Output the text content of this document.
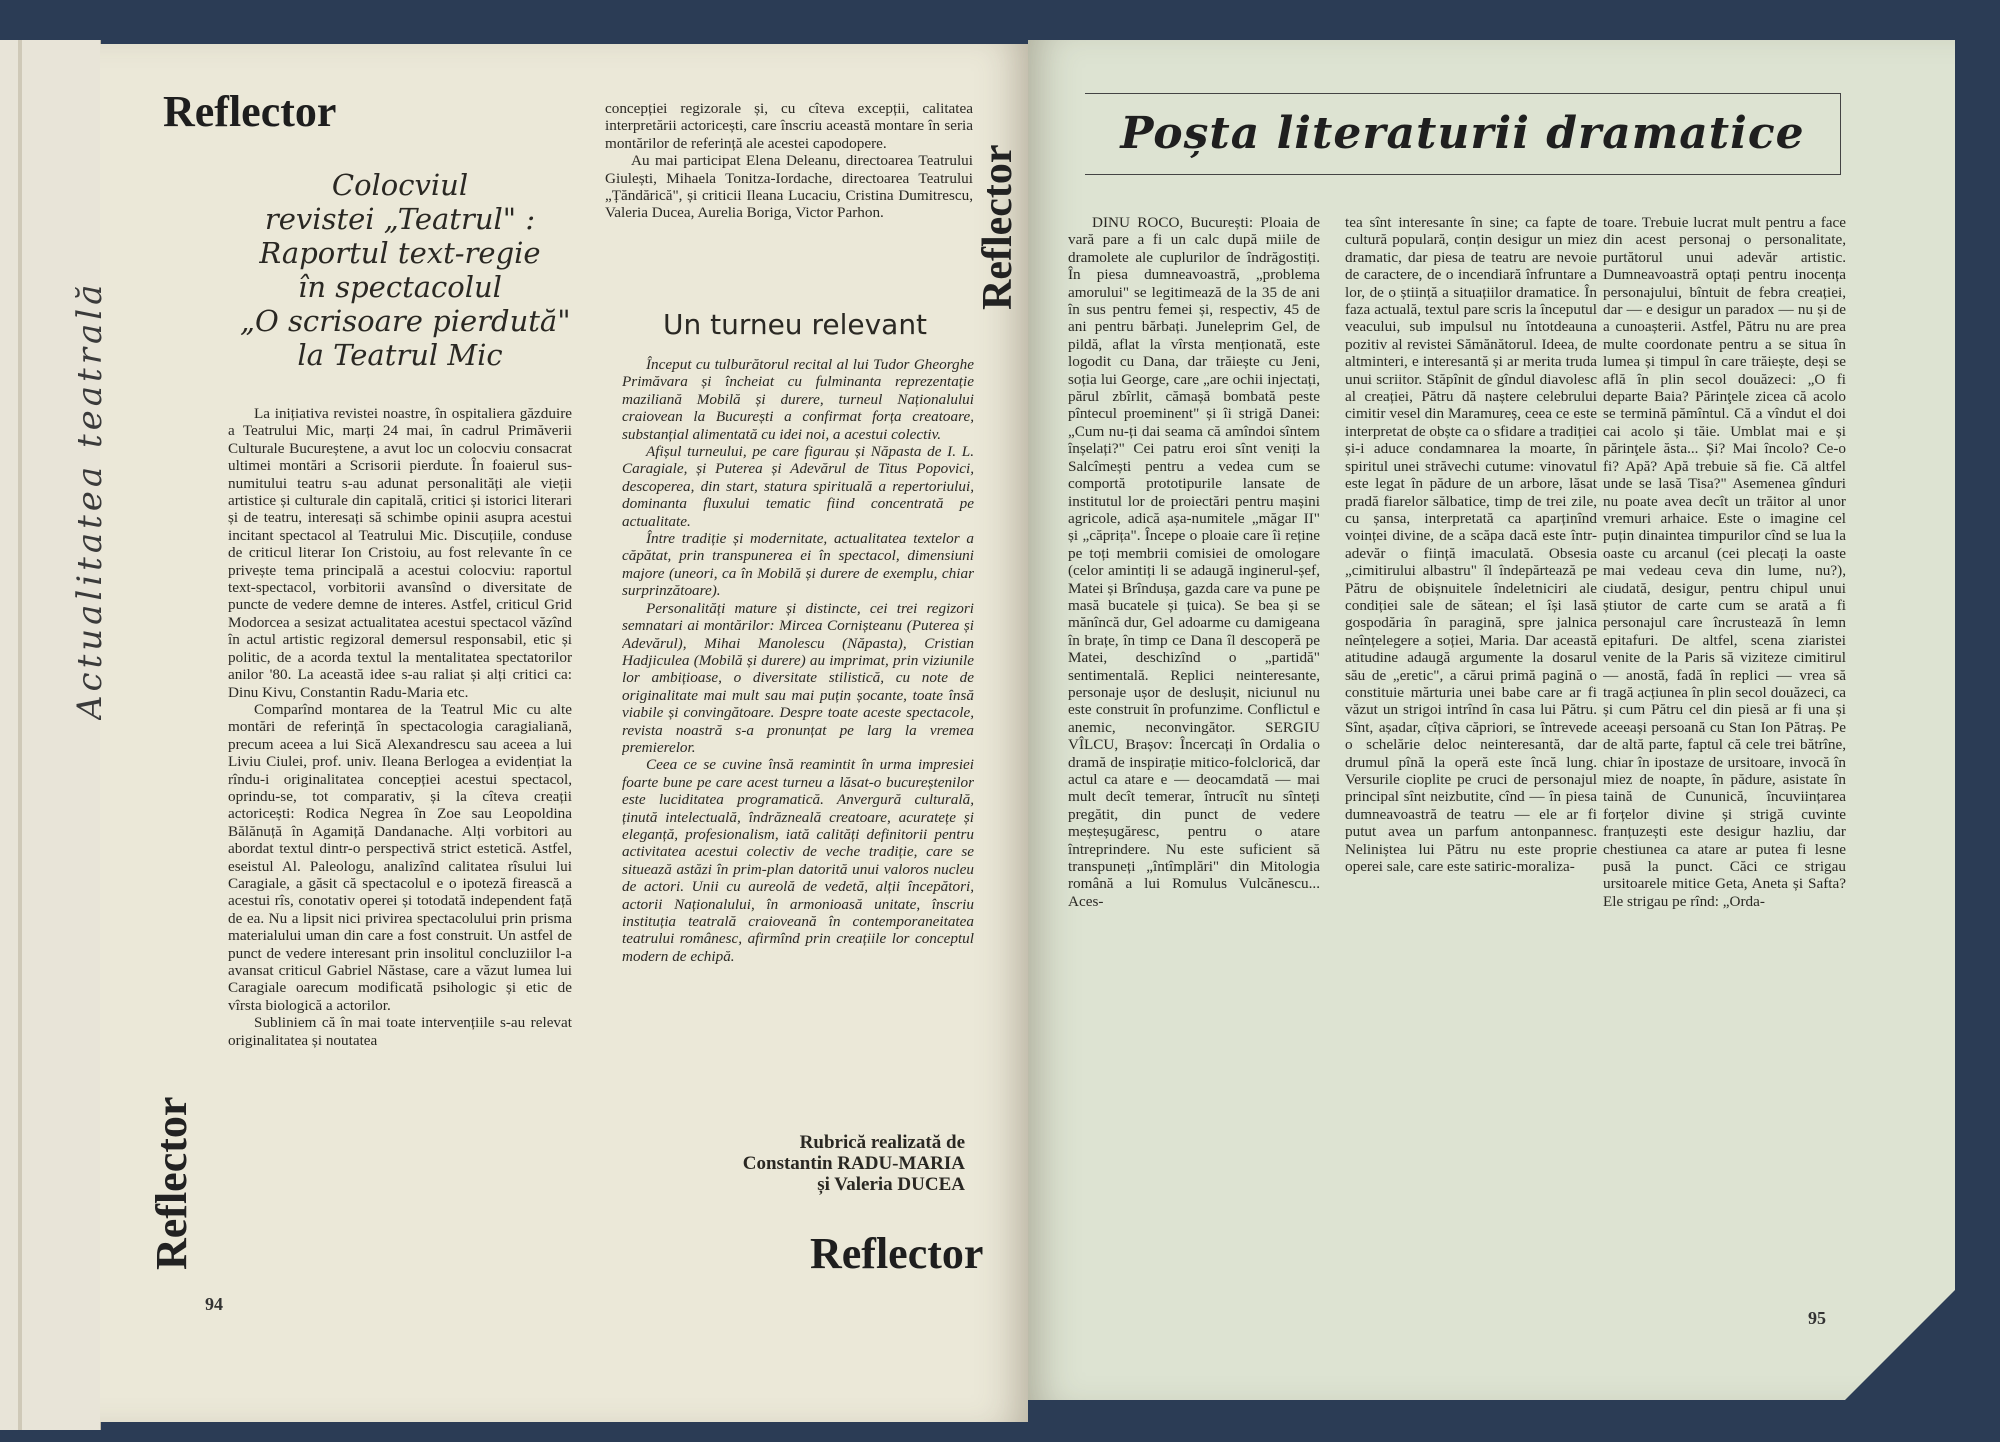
Actualitatea teatrală
Reflector
Colocviul
revistei „Teatrul" :
Raportul text-regie
în spectacolul
„O scrisoare pierdută"
la Teatrul Mic

La inițiativa revistei noastre, în ospitaliera găzduire a Teatrului Mic, marți 24 mai, în cadrul Primăverii Culturale Bucureștene, a avut loc un colocviu consacrat ultimei montări a Scrisorii pierdute. În foaierul sus-numitului teatru s-au adunat personalități ale vieții artistice și culturale din capitală, critici și istorici literari și de teatru, interesați să schimbe opinii asupra acestui incitant spectacol al Teatrului Mic. Discuțiile, conduse de criticul literar Ion Cristoiu, au fost relevante în ce privește tema principală a acestui colocviu: raportul text-spectacol, vorbitorii avansînd o diversitate de puncte de vedere demne de interes. Astfel, criticul Grid Modorcea a sesizat actualitatea acestui spectacol văzînd în actul artistic regizoral demersul responsabil, etic și politic, de a acorda textul la mentalitatea spectatorilor anilor '80. La această idee s-au raliat și alți critici ca: Dinu Kivu, Constantin Radu-Maria etc.

Comparînd montarea de la Teatrul Mic cu alte montări de referință în spectacologia caragialiană, precum aceea a lui Sică Alexandrescu sau aceea a lui Liviu Ciulei, prof. univ. Ileana Berlogea a evidențiat la rîndu-i originalitatea concepției acestui spectacol, oprindu-se, tot comparativ, și la cîteva creații actoricești: Rodica Negrea în Zoe sau Leopoldina Bălănuță în Agamiță Dandanache. Alți vorbitori au abordat textul dintr-o perspectivă strict estetică. Astfel, eseistul Al. Paleologu, analizînd calitatea rîsului lui Caragiale, a găsit că spectacolul e o ipoteză firească a acestui rîs, conotativ operei și totodată independent față de ea. Nu a lipsit nici privirea spectacolului prin prisma materialului uman din care a fost construit. Un astfel de punct de vedere interesant prin insolitul concluziilor l-a avansat criticul Gabriel Năstase, care a văzut lumea lui Caragiale oarecum modificată psihologic și etic de vîrsta biologică a actorilor.

Subliniem că în mai toate intervențiile s-au relevat originalitatea și noutatea

Reflector

concepției regizorale și, cu cîteva excepții, calitatea interpretării actoricești, care înscriu această montare în seria montărilor de referință ale acestei capodopere.

Au mai participat Elena Deleanu, directoarea Teatrului Giulești, Mihaela Tonitza-Iordache, directoarea Teatrului „Țăndărică", și criticii Ileana Lucaciu, Cristina Dumitrescu, Valeria Ducea, Aurelia Boriga, Victor Parhon.	Reflector
Un turneu relevant

Început cu tulburătorul recital al lui Tudor Gheorghe Primăvara și încheiat cu fulminanta reprezentație maziliană Mobilă și durere, turneul Naționalului craiovean la București a confirmat forța creatoare, substanțial alimentată cu idei noi, a acestui colectiv.

Afișul turneului, pe care figurau și Năpasta de I. L. Caragiale, și Puterea și Adevărul de Titus Popovici, descoperea, din start, statura spirituală a repertoriului, dominanta fluxului tematic fiind concentrată pe actualitate.

Între tradiție și modernitate, actualitatea textelor a căpătat, prin transpunerea ei în spectacol, dimensiuni majore (uneori, ca în Mobilă și durere de exemplu, chiar surprinzătoare).

Personalități mature și distincte, cei trei regizori semnatari ai montărilor: Mircea Cornișteanu (Puterea și Adevărul), Mihai Manolescu (Năpasta), Cristian Hadjiculea (Mobilă și durere) au imprimat, prin viziunile lor ambițioase, o diversitate stilistică, cu note de originalitate mai mult sau mai puțin șocante, toate însă viabile și convingătoare. Despre toate aceste spectacole, revista noastră s-a pronunțat pe larg la vremea premierelor.

Ceea ce se cuvine însă reamintit în urma impresiei foarte bune pe care acest turneu a lăsat-o bucureștenilor este luciditatea programatică. Anvergură culturală, ținută intelectuală, îndrăzneală creatoare, acuratețe și eleganță, profesionalism, iată calități definitorii pentru activitatea acestui colectiv de veche tradiție, care se situează astăzi în prim-plan datorită unui valoros nucleu de actori. Unii cu aureolă de vedetă, alții începători, actorii Naționalului, în armonioasă unitate, înscriu instituția teatrală craioveană în contemporaneitatea teatrului românesc, afirmînd prin creațiile lor conceptul modern de echipă.

Rubrică realizată de
Constantin RADU-MARIA
și Valeria DUCEA
Reflector
94
Poșta literaturii dramatice

DINU ROCO, București: Ploaia de vară pare a fi un calc după miile de dramolete ale cuplurilor de îndrăgostiți. În piesa dumneavoastră, „problema amorului" se legitimează de la 35 de ani în sus pentru femei și, respectiv, 45 de ani pentru bărbați. Juneleprim Gel, de pildă, aflat la vîrsta menționată, este logodit cu Dana, dar trăiește cu Jeni, soția lui George, care „are ochii injectați, părul zbîrlit, cămașă bombată peste pîntecul proeminent" și îi strigă Danei: „Cum nu-ți dai seama că amîndoi sîntem înșelați?" Cei patru eroi sînt veniți la Salcîmești pentru a vedea cum se comportă prototipurile lansate de institutul lor de proiectări pentru mașini agricole, adică așa-numitele „măgar II" și „căprița". Începe o ploaie care îi reține pe toți membrii comisiei de omologare (celor amintiți li se adaugă inginerul-șef, Matei și Brîndușa, gazda care va pune pe masă bucatele și țuica). Se bea și se mănîncă dur, Gel adoarme cu damigeana în brațe, în timp ce Dana îl descoperă pe Matei, deschizînd o „partidă" sentimentală. Replici neinteresante, personaje ușor de deslușit, niciunul nu este construit în profunzime. Conflictul e anemic, neconvingător. SERGIU VÎLCU, Brașov: Încercați în Ordalia o dramă de inspirație mitico-folclorică, dar actul ca atare e — deocamdată — mai mult decît temerar, întrucît nu sînteți pregătit, din punct de vedere meșteșugăresc, pentru o atare întreprindere. Nu este suficient să transpuneți „întîmplări" din Mitologia română a lui Romulus Vulcănescu... Aces-

tea sînt interesante în sine; ca fapte de cultură populară, conțin desigur un miez dramatic, dar piesa de teatru are nevoie de caractere, de o incendiară înfruntare a lor, de o știință a situațiilor dramatice. În faza actuală, textul pare scris la începutul veacului, sub impulsul nu întotdeauna pozitiv al revistei Sămănătorul. Ideea, de altminteri, e interesantă și ar merita truda unui scriitor. Stăpînit de gîndul diavolesc al creației, Pătru dă naștere celebrului cimitir vesel din Maramureș, ceea ce este interpretat de obște ca o sfidare a tradiției și-i aduce condamnarea la moarte, în spiritul unei străvechi cutume: vinovatul este legat în pădure de un arbore, lăsat pradă fiarelor sălbatice, timp de trei zile, cu șansa, interpretată ca aparținînd voinței divine, de a scăpa dacă este într-adevăr o ființă imaculată. Obsesia „cimitirului albastru" îl îndepărtează pe Pătru de obișnuitele îndeletniciri ale condiției sale de sătean; el își lasă gospodăria în paragină, spre jalnica neînțelegere a soției, Maria. Dar această atitudine adaugă argumente la dosarul său de „eretic", a cărui primă pagină o constituie mărturia unei babe care ar fi văzut un strigoi intrînd în casa lui Pătru. Sînt, așadar, cîțiva căpriori, se întrevede o schelărie deloc neinteresantă, dar drumul pînă la operă este încă lung. Versurile cioplite pe cruci de personajul principal sînt neizbutite, cînd — în piesa dumneavoastră de teatru — ele ar fi putut avea un parfum antonpannesc. Neliniștea lui Pătru nu este proprie operei sale, care este satiric-moraliza-

toare. Trebuie lucrat mult pentru a face din acest personaj o personalitate, purtătorul unui adevăr artistic. Dumneavoastră optați pentru inocența personajului, bîntuit de febra creației, dar — e desigur un paradox — nu și de a cunoașterii. Astfel, Pătru nu are prea multe coordonate pentru a se situa în lumea și timpul în care trăiește, deși se află în plin secol douăzeci: „O fi departe Baia? Părinţele zicea că acolo se termină pămîntul. Că a vîndut el doi cai acolo și tăie. Umblat mai e și părinţele ăsta... Și? Mai încolo? Ce-o fi? Apă? Apă trebuie să fie. Că altfel unde se lasă Tisa?" Asemenea gînduri nu poate avea decît un trăitor al unor vremuri arhaice. Este o imagine cel puțin dinaintea timpurilor cînd se lua la oaste cu arcanul (cei plecați la oaste mai vedeau ceva din lume, nu?), ciudată, desigur, pentru chipul unui știutor de carte cum se arată a fi personajul care încrustează în lemn epitafuri. De altfel, scena ziaristei venite de la Paris să viziteze cimitirul — anostă, fadă în replici — vrea să tragă acțiunea în plin secol douăzeci, ca și cum Pătru cel din piesă ar fi una și aceeași persoană cu Stan Ion Pătraș. Pe de altă parte, faptul că cele trei bătrîne, chiar în ipostaze de ursitoare, invocă în miez de noapte, în pădure, asistate în taină de Cununică, încuviințarea forțelor divine și strigă cuvinte franțuzești este desigur hazliu, dar chestiunea ca atare ar putea fi lesne pusă la punct. Căci ce strigau ursitoarele mitice Geta, Aneta și Safta? Ele strigau pe rînd: „Orda-

95
